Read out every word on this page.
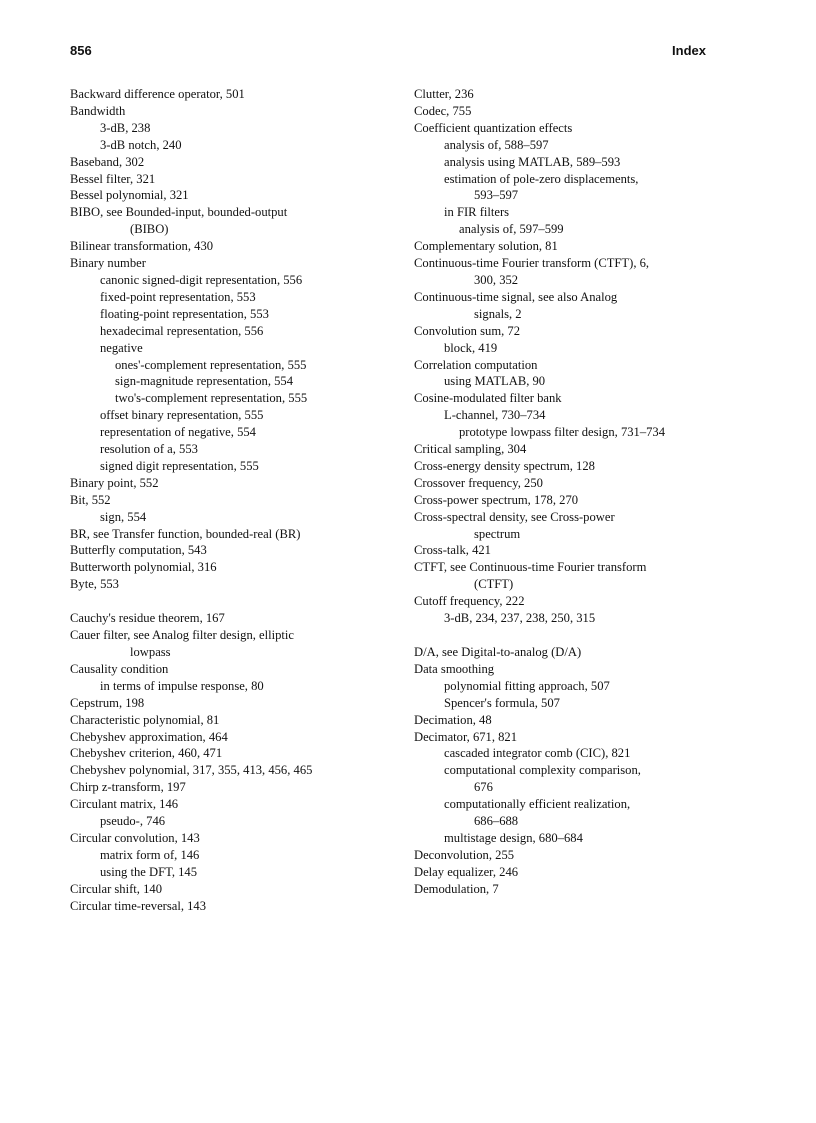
856	Index
Backward difference operator, 501
Bandwidth
3-dB, 238
3-dB notch, 240
Baseband, 302
Bessel filter, 321
Bessel polynomial, 321
BIBO, see Bounded-input, bounded-output
(BIBO)
Bilinear transformation, 430
Binary number
canonic signed-digit representation, 556
fixed-point representation, 553
floating-point representation, 553
hexadecimal representation, 556
negative
ones'-complement representation, 555
sign-magnitude representation, 554
two's-complement representation, 555
offset binary representation, 555
representation of negative, 554
resolution of a, 553
signed digit representation, 555
Binary point, 552
Bit, 552
sign, 554
BR, see Transfer function, bounded-real (BR)
Butterfly computation, 543
Butterworth polynomial, 316
Byte, 553
Cauchy's residue theorem, 167
Cauer filter, see Analog filter design, elliptic
lowpass
Causality condition
in terms of impulse response, 80
Cepstrum, 198
Characteristic polynomial, 81
Chebyshev approximation, 464
Chebyshev criterion, 460, 471
Chebyshev polynomial, 317, 355, 413, 456, 465
Chirp z-transform, 197
Circulant matrix, 146
pseudo-, 746
Circular convolution, 143
matrix form of, 146
using the DFT, 145
Circular shift, 140
Circular time-reversal, 143
Clutter, 236
Codec, 755
Coefficient quantization effects
analysis of, 588–597
analysis using MATLAB, 589–593
estimation of pole-zero displacements,
593–597
in FIR filters
analysis of, 597–599
Complementary solution, 81
Continuous-time Fourier transform (CTFT), 6,
300, 352
Continuous-time signal, see also Analog
signals, 2
Convolution sum, 72
block, 419
Correlation computation
using MATLAB, 90
Cosine-modulated filter bank
L-channel, 730–734
prototype lowpass filter design, 731–734
Critical sampling, 304
Cross-energy density spectrum, 128
Crossover frequency, 250
Cross-power spectrum, 178, 270
Cross-spectral density, see Cross-power
spectrum
Cross-talk, 421
CTFT, see Continuous-time Fourier transform
(CTFT)
Cutoff frequency, 222
3-dB, 234, 237, 238, 250, 315
D/A, see Digital-to-analog (D/A)
Data smoothing
polynomial fitting approach, 507
Spencer's formula, 507
Decimation, 48
Decimator, 671, 821
cascaded integrator comb (CIC), 821
computational complexity comparison,
676
computationally efficient realization,
686–688
multistage design, 680–684
Deconvolution, 255
Delay equalizer, 246
Demodulation, 7
